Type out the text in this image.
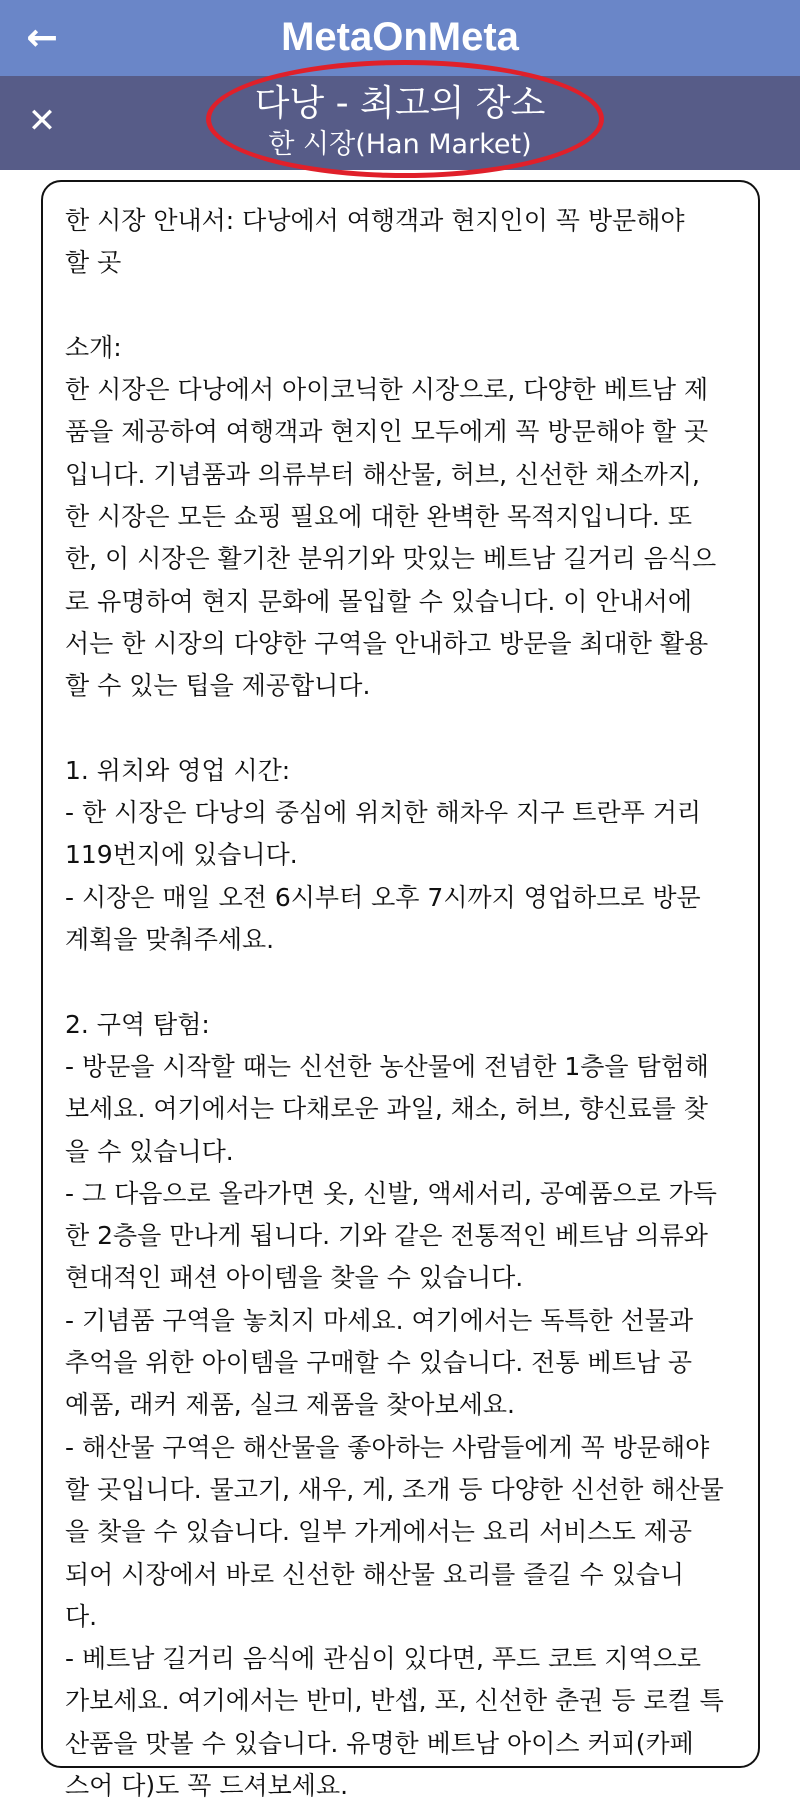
←	MetaOnMeta
✕	다낭 - 최고의 장소
한 시장(Han Market)
한 시장 안내서: 다낭에서 여행객과 현지인이 꼭 방문해야
할 곳
소개:
한 시장은 다낭에서 아이코닉한 시장으로, 다양한 베트남 제
품을 제공하여 여행객과 현지인 모두에게 꼭 방문해야 할 곳
입니다. 기념품과 의류부터 해산물, 허브, 신선한 채소까지,
한 시장은 모든 쇼핑 필요에 대한 완벽한 목적지입니다. 또
한, 이 시장은 활기찬 분위기와 맛있는 베트남 길거리 음식으
로 유명하여 현지 문화에 몰입할 수 있습니다. 이 안내서에
서는 한 시장의 다양한 구역을 안내하고 방문을 최대한 활용
할 수 있는 팁을 제공합니다.
1. 위치와 영업 시간:
- 한 시장은 다낭의 중심에 위치한 해차우 지구 트란푸 거리
119번지에 있습니다.
- 시장은 매일 오전 6시부터 오후 7시까지 영업하므로 방문
계획을 맞춰주세요.
2. 구역 탐험:
- 방문을 시작할 때는 신선한 농산물에 전념한 1층을 탐험해
보세요. 여기에서는 다채로운 과일, 채소, 허브, 향신료를 찾
을 수 있습니다.
- 그 다음으로 올라가면 옷, 신발, 액세서리, 공예품으로 가득
한 2층을 만나게 됩니다. 기와 같은 전통적인 베트남 의류와
현대적인 패션 아이템을 찾을 수 있습니다.
- 기념품 구역을 놓치지 마세요. 여기에서는 독특한 선물과
추억을 위한 아이템을 구매할 수 있습니다. 전통 베트남 공
예품, 래커 제품, 실크 제품을 찾아보세요.
- 해산물 구역은 해산물을 좋아하는 사람들에게 꼭 방문해야
할 곳입니다. 물고기, 새우, 게, 조개 등 다양한 신선한 해산물
을 찾을 수 있습니다. 일부 가게에서는 요리 서비스도 제공
되어 시장에서 바로 신선한 해산물 요리를 즐길 수 있습니
다.
- 베트남 길거리 음식에 관심이 있다면, 푸드 코트 지역으로
가보세요. 여기에서는 반미, 반셉, 포, 신선한 춘권 등 로컬 특
산품을 맛볼 수 있습니다. 유명한 베트남 아이스 커피(카페
스어 다)도 꼭 드셔보세요.
